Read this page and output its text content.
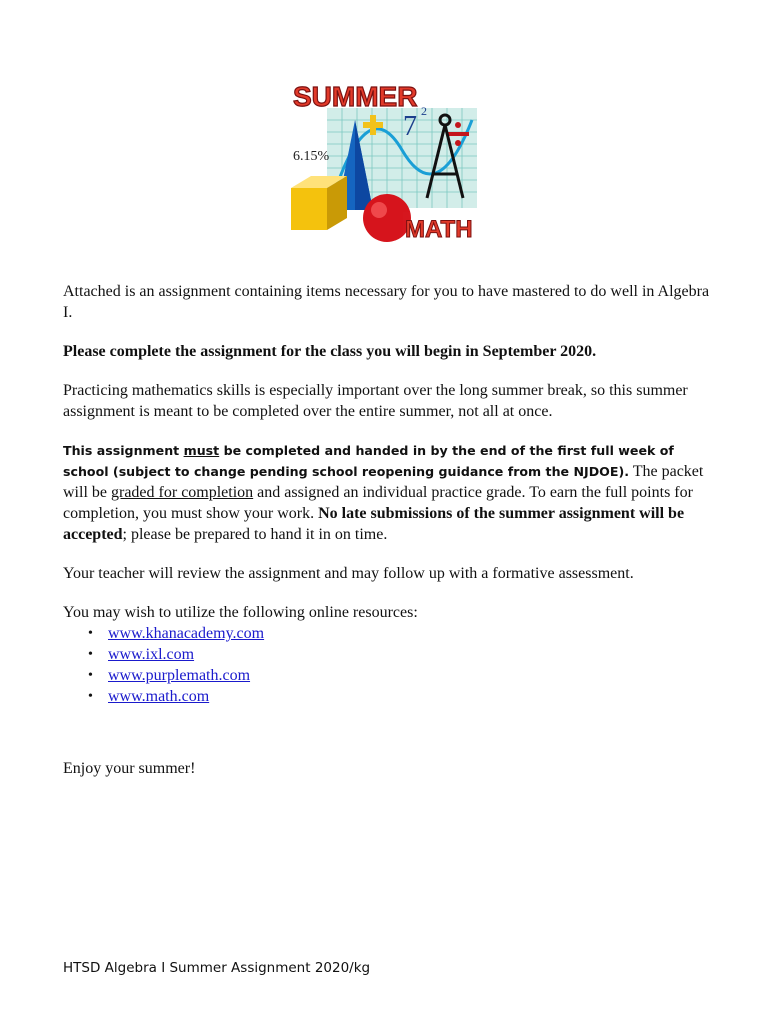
SUMMER
7 2
6.15%
MATH

Attached is an assignment containing items necessary for you to have mastered to do well in Algebra I.

Please complete the assignment for the class you will begin in September 2020.

Practicing mathematics skills is especially important over the long summer break, so this summer assignment is meant to be completed over the entire summer, not all at once.

This assignment must be completed and handed in by the end of the first full week of school (subject to change pending school reopening guidance from the NJDOE). The packet will be graded for completion and assigned an individual practice grade. To earn the full points for completion, you must show your work. No late submissions of the summer assignment will be accepted; please be prepared to hand it in on time.

Your teacher will review the assignment and may follow up with a formative assessment.

You may wish to utilize the following online resources:

• www.khanacademy.com
• www.ixl.com
• www.purplemath.com
• www.math.com
Enjoy your summer!
HTSD Algebra I Summer Assignment 2020/kg
